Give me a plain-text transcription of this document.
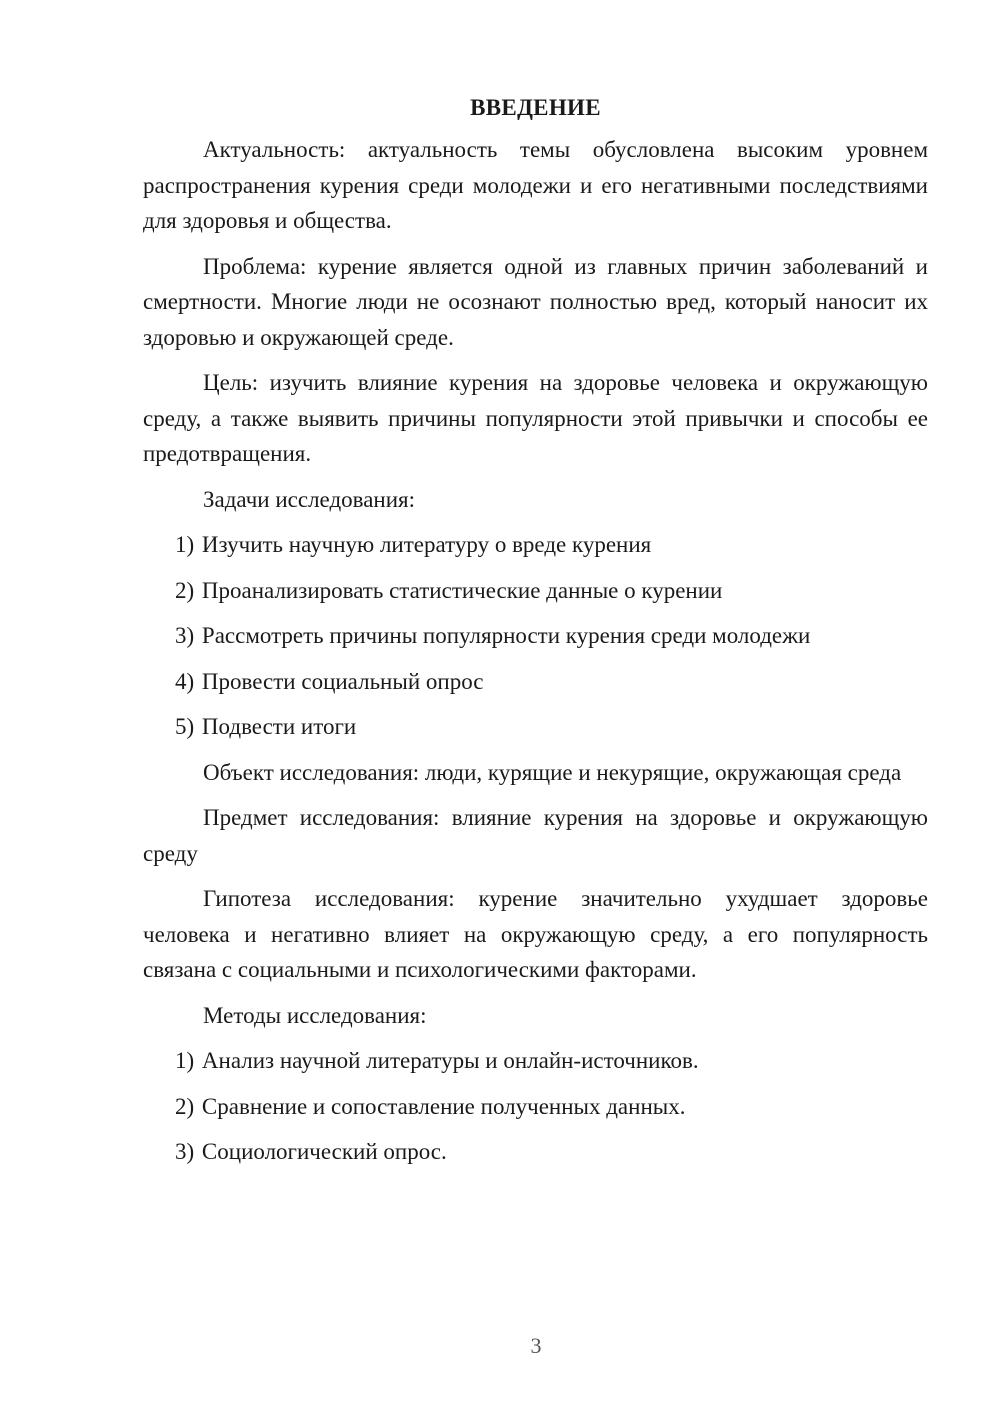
ВВЕДЕНИЕ

Актуальность: актуальность темы обусловлена высоким уровнем распространения курения среди молодежи и его негативными последствиями для здоровья и общества.

Проблема: курение является одной из главных причин заболеваний и смертности. Многие люди не осознают полностью вред, который наносит их здоровью и окружающей среде.

Цель: изучить влияние курения на здоровье человека и окружающую среду, а также выявить причины популярности этой привычки и способы ее предотвращения.

Задачи исследования:
1) Изучить научную литературу о вреде курения
2) Проанализировать статистические данные о курении
3) Рассмотреть причины популярности курения среди молодежи
4) Провести социальный опрос
5) Подвести итоги

Объект исследования: люди, курящие и некурящие, окружающая среда

Предмет исследования: влияние курения на здоровье и окружающую среду

Гипотеза исследования: курение значительно ухудшает здоровье человека и негативно влияет на окружающую среду, а его популярность связана с социальными и психологическими факторами.

Методы исследования:
1) Анализ научной литературы и онлайн-источников.
2) Сравнение и сопоставление полученных данных.
3) Социологический опрос.
3
